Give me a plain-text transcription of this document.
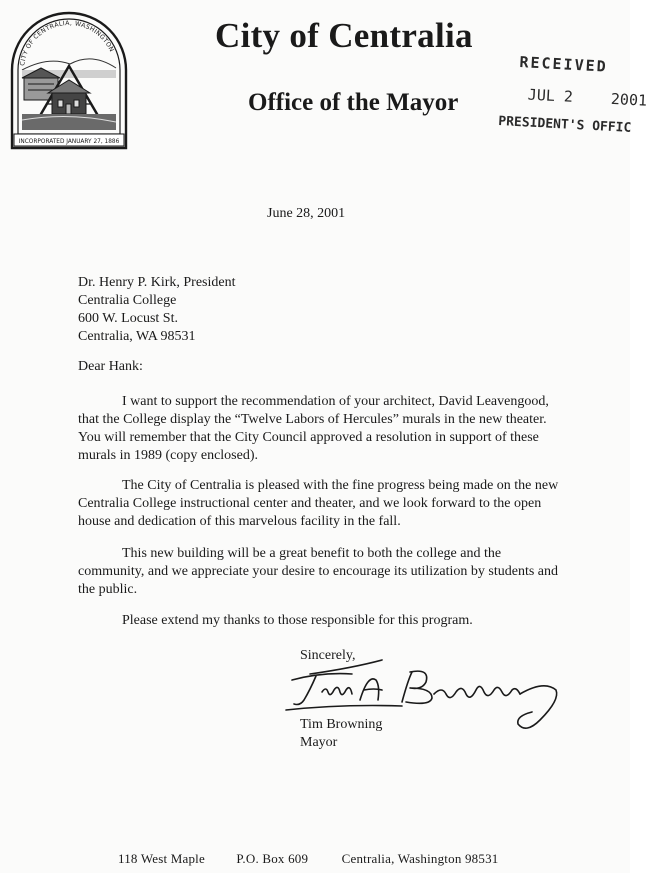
CITY OF CENTRALIA, WASHINGTON
INCORPORATED JANUARY 27, 1886
City of Centralia
Office of the Mayor
RECEIVED
JUL 2 2001
PRESIDENT'S OFFIC
June 28, 2001
Dr. Henry P. Kirk, President
Centralia College
600 W. Locust St.
Centralia, WA 98531
Dear Hank:
I want to support the recommendation of your architect, David Leavengood,
that the College display the “Twelve Labors of Hercules” murals in the new theater.
You will remember that the City Council approved a resolution in support of these
murals in 1989 (copy enclosed).
The City of Centralia is pleased with the fine progress being made on the new
Centralia College instructional center and theater, and we look forward to the open
house and dedication of this marvelous facility in the fall.
This new building will be a great benefit to both the college and the
community, and we appreciate your desire to encourage its utilization by students and
the public.
Please extend my thanks to those responsible for this program.
Sincerely,
Tim Browning
Mayor
118 West Maple P.O. Box 609	Centralia, Washington 98531
